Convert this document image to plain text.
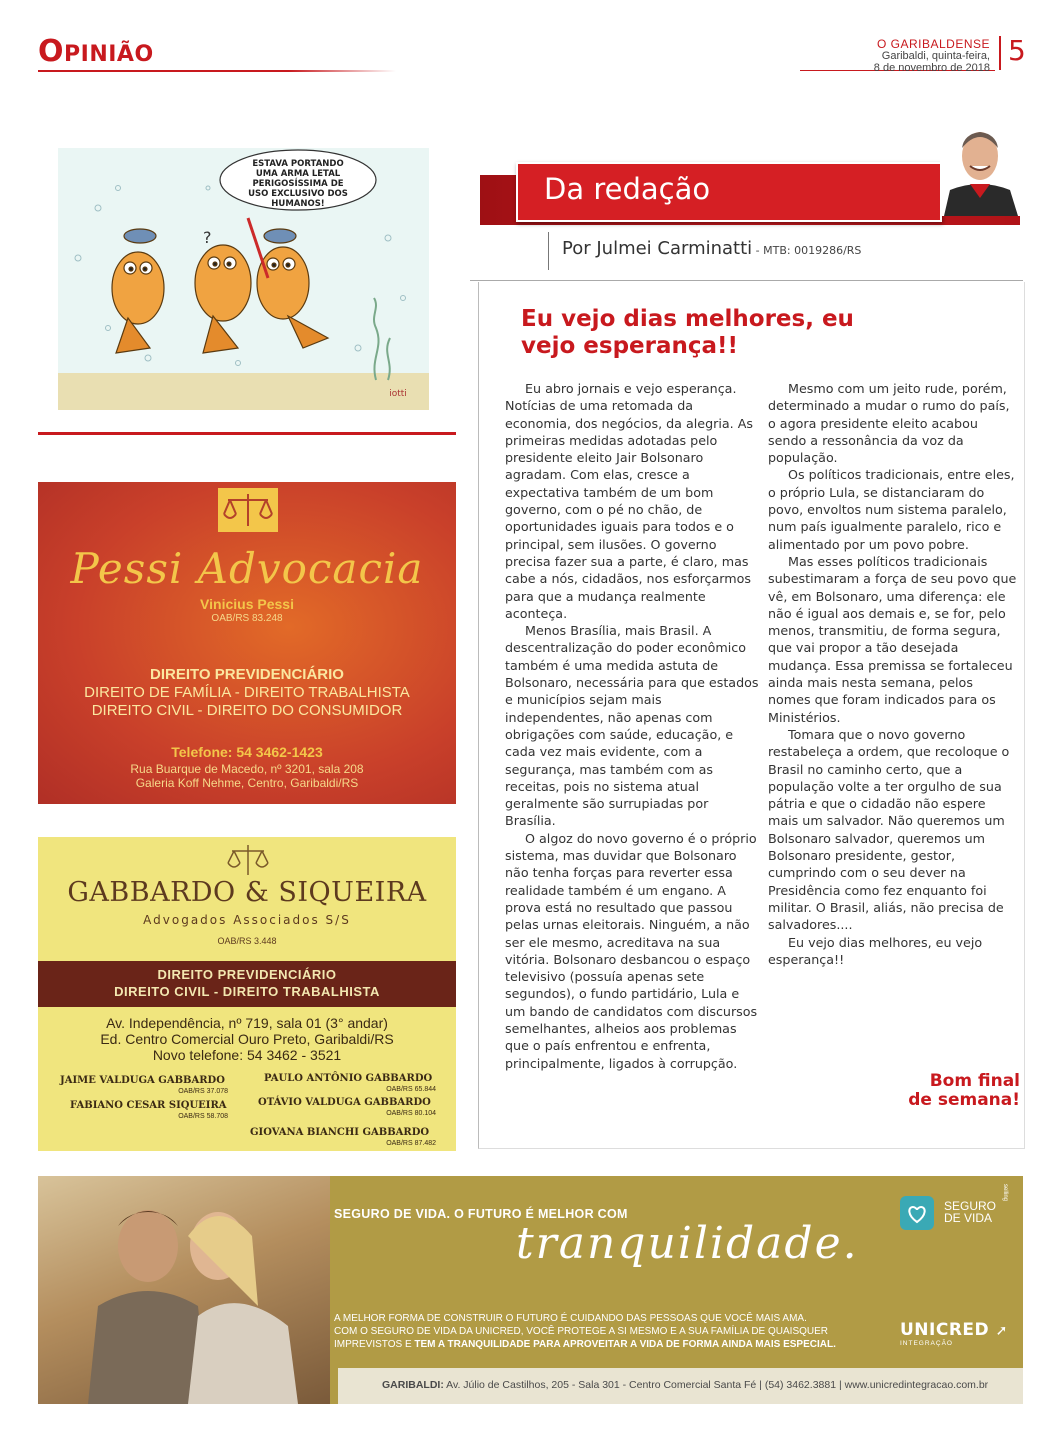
OPINIÃO	O GARIBALDENSE
Garibaldi, quinta-feira,
8 de novembro de 2018
5
ESTAVA PORTANDO
UMA ARMA LETAL
PERIGOSÍSSIMA DE
USO EXCLUSIVO DOS
HUMANOS!
?
iotti
Pessi Advocacia
Vinicius Pessi
OAB/RS 83.248
DIREITO PREVIDENCIÁRIO
DIREITO DE FAMÍLIA - DIREITO TRABALHISTA
DIREITO CIVIL - DIREITO DO CONSUMIDOR
Telefone: 54 3462-1423
Rua Buarque de Macedo, nº 3201, sala 208
Galeria Koff Nehme, Centro, Garibaldi/RS
GABBARDO & SIQUEIRA
Advogados Associados S/S
OAB/RS 3.448
DIREITO PREVIDENCIÁRIO
DIREITO CIVIL - DIREITO TRABALHISTA
Av. Independência, nº 719, sala 01 (3° andar)
Ed. Centro Comercial Ouro Preto, Garibaldi/RS
Novo telefone: 54 3462 - 3521
JAIME VALDUGA GABBARDO
OAB/RS 37.078
PAULO ANTÔNIO GABBARDO
OAB/RS 65.844
FABIANO CESAR SIQUEIRA
OAB/RS 58.708
OTÁVIO VALDUGA GABBARDO
OAB/RS 80.104
GIOVANA BIANCHI GABBARDO
OAB/RS 87.482
Da redação
Por Julmei Carminatti - MTB: 0019286/RS
Eu vejo dias melhores, eu
vejo esperança!!

Eu abro jornais e vejo esperança. Notícias de uma retomada da economia, dos negócios, da alegria. As primeiras medidas adotadas pelo presidente eleito Jair Bolsonaro agradam. Com elas, cresce a expectativa também de um bom governo, com o pé no chão, de oportunidades iguais para todos e o principal, sem ilusões. O governo precisa fazer sua a parte, é claro, mas cabe a nós, cidadãos, nos esforçarmos para que a mudança realmente aconteça.

Menos Brasília, mais Brasil. A descentralização do poder econômico também é uma medida astuta de Bolsonaro, necessária para que estados e municípios sejam mais independentes, não apenas com obrigações com saúde, educação, e cada vez mais evidente, com a segurança, mas também com as receitas, pois no sistema atual geralmente são surrupiadas por Brasília.

O algoz do novo governo é o próprio sistema, mas duvidar que Bolsonaro não tenha forças para reverter essa realidade também é um engano. A prova está no resultado que passou pelas urnas eleitorais. Ninguém, a não ser ele mesmo, acreditava na sua vitória. Bolsonaro desbancou o espaço televisivo (possuía apenas sete segundos), o fundo partidário, Lula e um bando de candidatos com discursos semelhantes, alheios aos problemas que o país enfrentou e enfrenta, principalmente, ligados à corrupção.

Mesmo com um jeito rude, porém, determinado a mudar o rumo do país, o agora presidente eleito acabou sendo a ressonância da voz da população.

Os políticos tradicionais, entre eles, o próprio Lula, se distanciaram do povo, envoltos num sistema paralelo, num país igualmente paralelo, rico e alimentado por um povo pobre.

Mas esses políticos tradicionais subestimaram a força de seu povo que vê, em Bolsonaro, uma diferença: ele não é igual aos demais e, se for, pelo menos, transmitiu, de forma segura, que vai propor a tão desejada mudança. Essa premissa se fortaleceu ainda mais nesta semana, pelos nomes que foram indicados para os Ministérios.

Tomara que o novo governo restabeleça a ordem, que recoloque o Brasil no caminho certo, que a população volte a ter orgulho de sua pátria e que o cidadão não espere mais um salvador. Não queremos um Bolsonaro salvador, queremos um Bolsonaro presidente, gestor, cumprindo com o seu dever na Presidência como fez enquanto foi militar. O Brasil, aliás, não precisa de salvadores....

Eu vejo dias melhores, eu vejo esperança!!

Bom final
de semana!
SEGURO DE VIDA. O FUTURO É MELHOR COM
tranquilidade.
SEGURO
DE VIDA
selling
A MELHOR FORMA DE CONSTRUIR O FUTURO É CUIDANDO DAS PESSOAS QUE VOCÊ MAIS AMA.
COM O SEGURO DE VIDA DA UNICRED, VOCÊ PROTEGE A SI MESMO E A SUA FAMÍLIA DE QUAISQUER
IMPREVISTOS E TEM A TRANQUILIDADE PARA APROVEITAR A VIDA DE FORMA AINDA MAIS ESPECIAL.
UNICRED ➚
INTEGRAÇÃO
GARIBALDI: Av. Júlio de Castilhos, 205 - Sala 301 - Centro Comercial Santa Fé | (54) 3462.3881 | www.unicredintegracao.com.br
